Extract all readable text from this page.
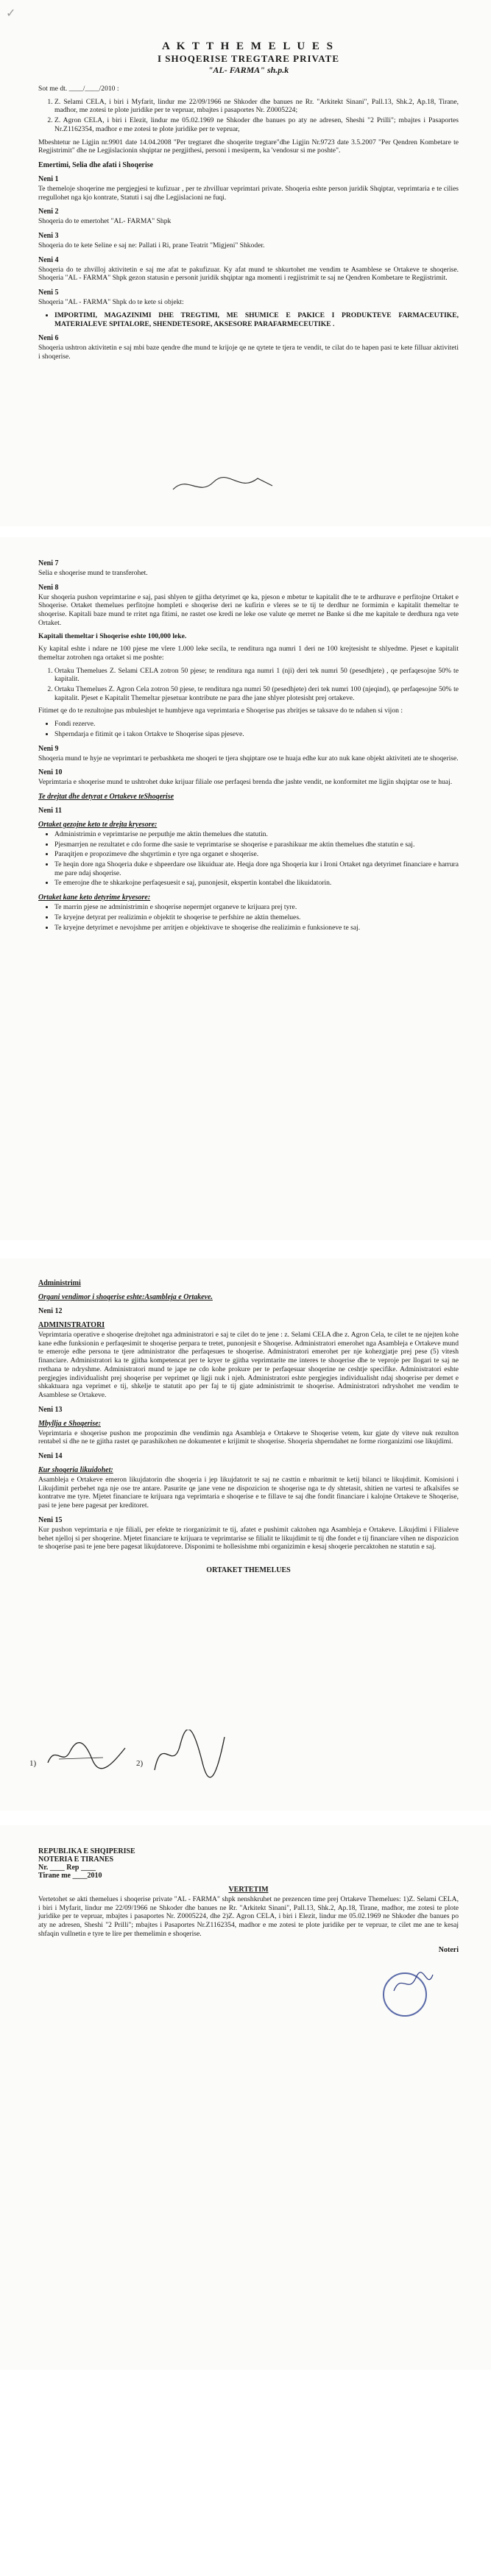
✓
A K T T H E M E L U E S
I SHOQERISE TREGTARE PRIVATE
"AL- FARMA" sh.p.k

Sot me dt. ____/____/2010 :

1. Z. Selami CELA, i biri i Myfarit, lindur me 22/09/1966 ne Shkoder dhe banues ne Rr. "Arkitekt Sinani", Pall.13, Shk.2, Ap.18, Tirane, madhor, me zotesi te plote juridike per te vepruar, mbajtes i pasaportes Nr. Z0005224;
2. Z. Agron CELA, i biri i Elezit, lindur me 05.02.1969 ne Shkoder dhe banues po aty ne adresen, Sheshi "2 Prilli"; mbajtes i Pasaportes Nr.Z1162354, madhor e me zotesi te plote juridike per te vepruar,

Mbeshtetur ne Ligjin nr.9901 date 14.04.2008 "Per tregtaret dhe shoqerite tregtare"dhe Ligjin Nr.9723 date 3.5.2007 "Per Qendren Kombetare te Regjistrimit" dhe ne Legjislacionin shqiptar ne pergjithesi, personi i mesiperm, ka 'vendosur si me poshte".

Emertimi, Selia dhe afati i Shoqerise
Neni 1

Te themeloje shoqerine me pergjegjesi te kufizuar , per te zhvilluar veprimtari private. Shoqeria eshte person juridik Shqiptar, veprimtaria e te cilies rregullohet nga kjo kontrate, Statuti i saj dhe Legjislacioni ne fuqi.

Neni 2

Shoqeria do te emertohet "AL- FARMA" Shpk

Neni 3

Shoqeria do te kete Seline e saj ne: Pallati i Ri, prane Teatrit "Migjeni" Shkoder.

Neni 4

Shoqeria do te zhvilloj aktivitetin e saj me afat te pakufizuar. Ky afat mund te shkurtohet me vendim te Asamblese se Ortakeve te shoqerise. Shoqeria "AL - FARMA" Shpk gezon statusin e personit juridik shqiptar nga momenti i regjistrimit te saj ne Qendren Kombetare te Regjistrimit.

Neni 5

Shoqeria "AL - FARMA" Shpk do te kete si objekt:

• IMPORTIMI, MAGAZINIMI DHE TREGTIMI, ME SHUMICE E PAKICE I PRODUKTEVE FARMACEUTIKE, MATERIALEVE SPITALORE, SHENDETESORE, AKSESORE PARAFARMECEUTIKE .
Neni 6

Shoqeria ushtron aktivitetin e saj mbi baze qendre dhe mund te krijoje qe ne qytete te tjera te vendit, te cilat do te hapen pasi te kete filluar aktiviteti i shoqerise.

Neni 7

Selia e shoqerise mund te transferohet.

Neni 8

Kur shoqeria pushon veprimtarine e saj, pasi shlyen te gjitha detyrimet qe ka, pjeson e mbetur te kapitalit dhe te te ardhurave e perfitojne Ortaket e Shoqerise. Ortaket themelues perfitojne hompleti e shoqerise deri ne kufirin e vleres se te tij te derdhur ne formimin e kapitalit themeltar te shoqerise. Kapitali baze mund te rritet nga fitimi, ne rastet ose kredi ne leke ose valute qe merret ne Banke si dhe me kapitale te derdhura nga vete Ortaket.

Kapitali themeltar i Shoqerise eshte 100,000 leke.

Ky kapital eshte i ndare ne 100 pjese me vlere 1.000 leke secila, te renditura nga numri 1 deri ne 100 krejtesisht te shlyedme. Pjeset e kapitalit themeltar zotrohen nga ortaket si me poshte:

1. Ortaku Themelues Z. Selami CELA zotron 50 pjese; te renditura nga numri 1 (nji) deri tek numri 50 (pesedhjete) , qe perfaqesojne 50% te kapitalit.
2. Ortaku Themelues Z. Agron Cela zotron 50 pjese, te renditura nga numri 50 (pesedhjete) deri tek numri 100 (njeqind), qe perfaqesojne 50% te kapitalit. Pjeset e Kapitalit Themeltar pjesetuar kontribute ne para dhe jane shlyer plotesisht prej ortakeve.

Fitimet qe do te rezultojne pas mbuleshjet te humbjeve nga veprimtaria e Shoqerise pas zbritjes se taksave do te ndahen si vijon :

• Fondi rezerve.
• Shperndarja e fitimit qe i takon Ortakve te Shoqerise sipas pjeseve.
Neni 9

Shoqeria mund te hyje ne veprimtari te perbashketa me shoqeri te tjera shqiptare ose te huaja edhe kur ato nuk kane objekt aktiviteti ate te shoqerise.

Neni 10

Veprimtaria e shoqerise mund te ushtrohet duke krijuar filiale ose perfaqesi brenda dhe jashte vendit, ne konformitet me ligjin shqiptar ose te huaj.

Te drejtat dhe detyrat e Ortakeve teShoqerise
Neni 11
Ortaket gezojne keto te drejta kryesore:
• Administrimin e veprimtarise ne perputhje me aktin themelues dhe statutin.
• Pjesmarrjen ne rezultatet e cdo forme dhe sasie te veprimtarise se shoqerise e parashikuar me aktin themelues dhe statutin e saj.
• Paraqitjen e propozimeve dhe shqyrtimin e tyre nga organet e shoqerise.
• Te heqin dore nga Shoqeria duke e shpeerdare ose likuiduar ate. Heqja dore nga Shoqeria kur i Ironi Ortaket nga detyrimet financiare e harrura me pare ndaj shoqerise.
• Te emerojne dhe te shkarkojne perfaqesuesit e saj, punonjesit, ekspertin kontabel dhe likuidatorin.
Ortaket kane keto detyrime kryesore:
• Te marrin pjese ne administrimin e shoqerise nepermjet organeve te krijuara prej tyre.
• Te kryejne detyrat per realizimin e objektit te shoqerise te perfshire ne aktin themelues.
• Te kryejne detyrimet e nevojshme per arritjen e objektivave te shoqerise dhe realizimin e funksioneve te saj.
Administrimi
Organi vendimor i shoqerise eshte:Asambleja e Ortakeve.
Neni 12
ADMINISTRATORI

Veprimtaria operative e shoqerise drejtohet nga administratori e saj te cilet do te jene : z. Selami CELA dhe z. Agron Cela, te cilet te ne njejten kohe kane edhe funksionin e perfaqesimit te shoqerise perpara te tretet, punonjesit e Shoqerise. Administratori emerohet nga Asambleja e Ortakeve mund te emeroje edhe persona te tjere administrator dhe perfaqesues te shoqerise. Administratori emerohet per nje kohezgjatje prej pese (5) vitesh financiare. Administratori ka te gjitha kompetencat per te kryer te gjitha veprimtarite me interes te shoqerise dhe te veproje per llogari te saj ne rrethana te ndryshme. Administratori mund te jape ne cdo kohe prokure per te perfaqesuar shoqerine ne ceshtje specifike. Administratori eshte pergjegjes individualisht prej shoqerise per veprimet qe ligji nuk i njeh. Administratori eshte pergjegjes individualisht ndaj shoqerise per demet e shkaktuara nga veprimet e tij, shkelje te statutit apo per faj te tij gjate administrimit te shoqerise. Administratori ndryshohet me vendim te Asamblese se Ortakeve.

Neni 13
Mbyllja e Shoqerise:

Veprimtaria e shoqerise pushon me propozimin dhe vendimin nga Asambleja e Ortakeve te Shoqerise vetem, kur gjate dy viteve nuk rezulton rentabel si dhe ne te gjitha rastet qe parashikohen ne dokumentet e krijimit te shoqerise. Shoqeria shperndahet ne forme riorganizimi ose likujdimi.

Neni 14
Kur shoqeria likuidohet:

Asambleja e Ortakeve emeron likujdatorin dhe shoqeria i jep likujdatorit te saj ne casttin e mbaritmit te ketij bilanci te likujdimit. Komisioni i Likujdimit perbehet nga nje ose tre antare. Pasurite qe jane vene ne dispozicion te shoqerise nga te dy shtetasit, shitien ne vartesi te afkalsifes se kontratve me tyre. Mjetet financiare te krijuara nga veprimtaria e shoqerise e te fillave te saj dhe fondit financiare i kalojne Ortakeve te Shoqerise, pasi te jene bere pagesat per kreditoret.

Neni 15

Kur pushon veprimtaria e nje filiali, per efekte te riorganizimit te tij, afatet e pushimit caktohen nga Asambleja e Ortakeve. Likujdimi i Filialeve behet njelloj si per shoqerine. Mjetet financiare te krijuara te veprimtarise se filialit te likujdimit te tij dhe fondet e tij financiare vihen ne dispozicion te shoqerise pasi te jene bere pagesat likujdatoreve. Disponimi te hollesishme mbi organizimin e kesaj shoqerie percaktohen ne statutin e saj.

ORTAKET THEMELUES
1)	2)
REPUBLIKA E SHQIPERISE
NOTERIA E TIRANES
Nr. ____ Rep ____
Tirane me ____2010
VERTETIM

Vertetohet se akti themelues i shoqerise private "AL - FARMA" shpk nenshkruhet ne prezencen time prej Ortakeve Themelues: 1)Z. Selami CELA, i biri i Myfarit, lindur me 22/09/1966 ne Shkoder dhe banues ne Rr. "Arkitekt Sinani", Pall.13, Shk.2, Ap.18, Tirane, madhor, me zotesi te plote juridike per te vepruar, mbajtes i pasaportes Nr. Z0005224, dhe 2)Z. Agron CELA, i biri i Elezit, lindur me 05.02.1969 ne Shkoder dhe banues po aty ne adresen, Sheshi "2 Prilli"; mbajtes i Pasaportes Nr.Z1162354, madhor e me zotesi te plote juridike per te vepruar, te cilet me ane te kesaj shfaqin vullnetin e tyre te lire per themelimin e shoqerise.

Noteri
